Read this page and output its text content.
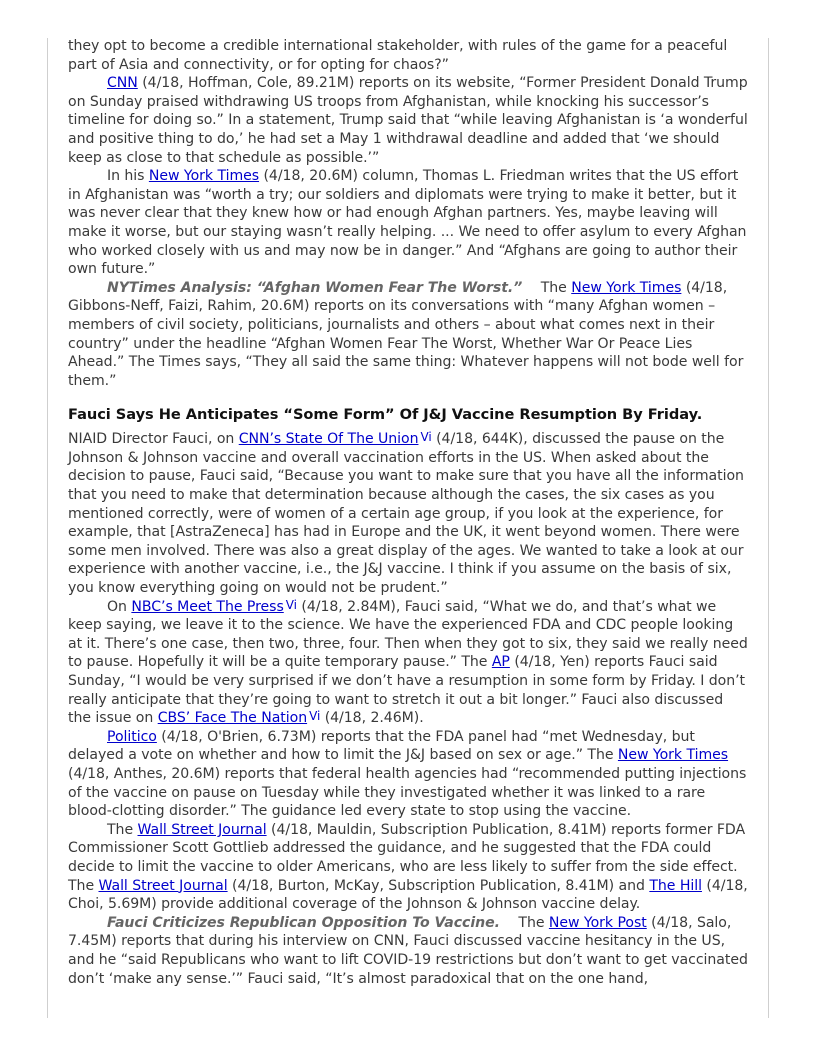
they opt to become a credible international stakeholder, with rules of the game for a peaceful part of Asia and connectivity, or for opting for chaos?”

CNN (4/18, Hoffman, Cole, 89.21M) reports on its website, “Former President Donald Trump on Sunday praised withdrawing US troops from Afghanistan, while knocking his successor’s timeline for doing so.” In a statement, Trump said that “while leaving Afghanistan is ‘a wonderful and positive thing to do,’ he had set a May 1 withdrawal deadline and added that ‘we should keep as close to that schedule as possible.’”

In his New York Times (4/18, 20.6M) column, Thomas L. Friedman writes that the US effort in Afghanistan was “worth a try; our soldiers and diplomats were trying to make it better, but it was never clear that they knew how or had enough Afghan partners. Yes, maybe leaving will make it worse, but our staying wasn’t really helping. ... We need to offer asylum to every Afghan who worked closely with us and may now be in danger.” And “Afghans are going to author their own future.”

NYTimes Analysis: “Afghan Women Fear The Worst.”  The New York Times (4/18, Gibbons-Neff, Faizi, Rahim, 20.6M) reports on its conversations with “many Afghan women – members of civil society, politicians, journalists and others – about what comes next in their country” under the headline “Afghan Women Fear The Worst, Whether War Or Peace Lies Ahead.” The Times says, “They all said the same thing: Whatever happens will not bode well for them.”

Fauci Says He Anticipates “Some Form” Of J&J Vaccine Resumption By Friday.

NIAID Director Fauci, on CNN’s State Of The Union $^{Vi}$ (4/18, 644K), discussed the pause on the Johnson & Johnson vaccine and overall vaccination efforts in the US. When asked about the decision to pause, Fauci said, “Because you want to make sure that you have all the information that you need to make that determination because although the cases, the six cases as you mentioned correctly, were of women of a certain age group, if you look at the experience, for example, that [AstraZeneca] has had in Europe and the UK, it went beyond women. There were some men involved. There was also a great display of the ages. We wanted to take a look at our experience with another vaccine, i.e., the J&J vaccine. I think if you assume on the basis of six, you know everything going on would not be prudent.”

On NBC’s Meet The Press $^{Vi}$ (4/18, 2.84M), Fauci said, “What we do, and that’s what we keep saying, we leave it to the science. We have the experienced FDA and CDC people looking at it. There’s one case, then two, three, four. Then when they got to six, they said we really need to pause. Hopefully it will be a quite temporary pause.” The AP (4/18, Yen) reports Fauci said Sunday, “I would be very surprised if we don’t have a resumption in some form by Friday. I don’t really anticipate that they’re going to want to stretch it out a bit longer.” Fauci also discussed the issue on CBS’ Face The Nation $^{Vi}$ (4/18, 2.46M).

Politico (4/18, O'Brien, 6.73M) reports that the FDA panel had “met Wednesday, but delayed a vote on whether and how to limit the J&J based on sex or age.” The New York Times (4/18, Anthes, 20.6M) reports that federal health agencies had “recommended putting injections of the vaccine on pause on Tuesday while they investigated whether it was linked to a rare blood-clotting disorder.” The guidance led every state to stop using the vaccine.

The Wall Street Journal (4/18, Mauldin, Subscription Publication, 8.41M) reports former FDA Commissioner Scott Gottlieb addressed the guidance, and he suggested that the FDA could decide to limit the vaccine to older Americans, who are less likely to suffer from the side effect. The Wall Street Journal (4/18, Burton, McKay, Subscription Publication, 8.41M) and The Hill (4/18, Choi, 5.69M) provide additional coverage of the Johnson & Johnson vaccine delay.

Fauci Criticizes Republican Opposition To Vaccine.  The New York Post (4/18, Salo, 7.45M) reports that during his interview on CNN, Fauci discussed vaccine hesitancy in the US, and he “said Republicans who want to lift COVID-19 restrictions but don’t want to get vaccinated don’t ‘make any sense.’” Fauci said, “It’s almost paradoxical that on the one hand,
